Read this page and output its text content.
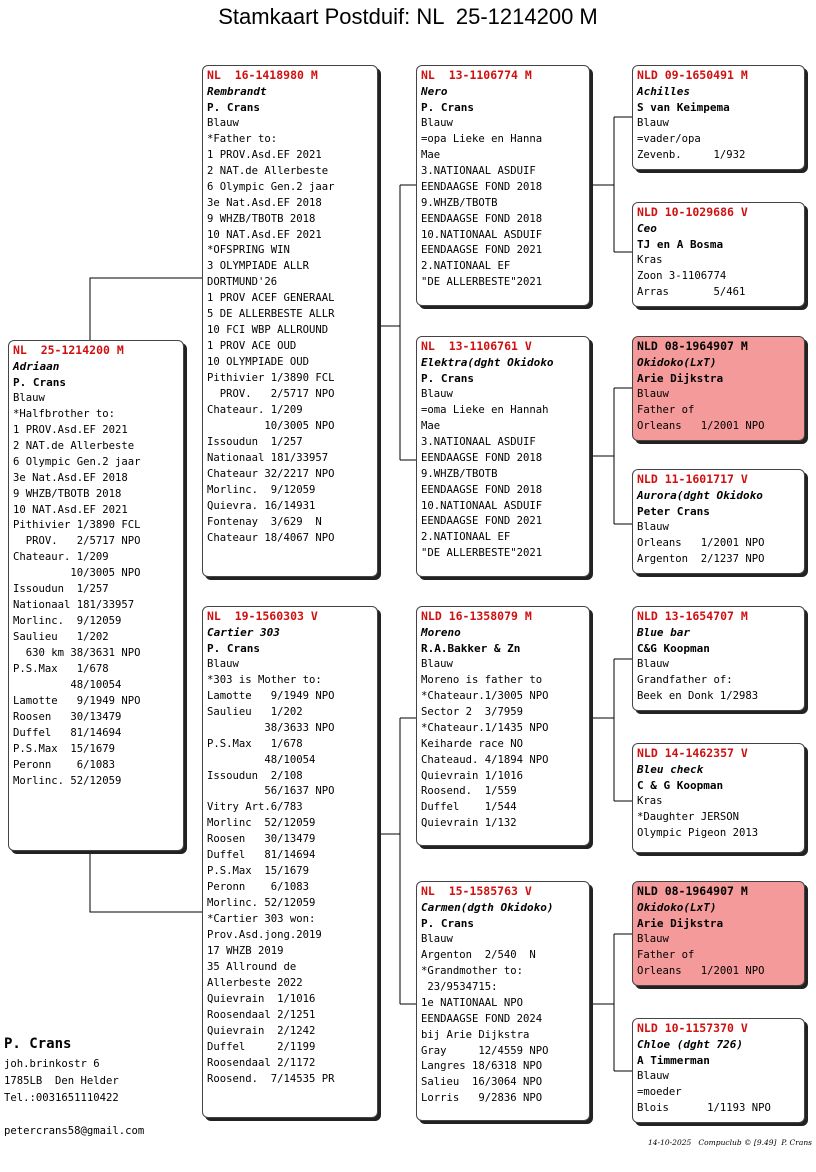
Stamkaart Postduif: NL  25-1214200 M
NL  25-1214200 M
Adriaan
P. Crans
Blauw
*Halfbrother to:
1 PROV.Asd.EF 2021
2 NAT.de Allerbeste
6 Olympic Gen.2 jaar
3e Nat.Asd.EF 2018
9 WHZB/TBOTB 2018
10 NAT.Asd.EF 2021
Pithivier 1/3890 FCL
PROV.   2/5717 NPO
Chateaur. 1/209
10/3005 NPO
Issoudun  1/257
Nationaal 181/33957
Morlinc.  9/12059
Saulieu   1/202
630 km 38/3631 NPO
P.S.Max   1/678
48/10054
Lamotte   9/1949 NPO
Roosen   30/13479
Duffel   81/14694
P.S.Max  15/1679
Peronn    6/1083
Morlinc. 52/12059
NL  16-1418980 M
Rembrandt
P. Crans
Blauw
*Father to:
1 PROV.Asd.EF 2021
2 NAT.de Allerbeste
6 Olympic Gen.2 jaar
3e Nat.Asd.EF 2018
9 WHZB/TBOTB 2018
10 NAT.Asd.EF 2021
*OFSPRING WIN
3 OLYMPIADE ALLR
DORTMUND'26
1 PROV ACEF GENERAAL
5 DE ALLERBESTE ALLR
10 FCI WBP ALLROUND
1 PROV ACE OUD
10 OLYMPIADE OUD
Pithivier 1/3890 FCL
PROV.   2/5717 NPO
Chateaur. 1/209
10/3005 NPO
Issoudun  1/257
Nationaal 181/33957
Chateaur 32/2217 NPO
Morlinc.  9/12059
Quievra. 16/14931
Fontenay  3/629  N
Chateaur 18/4067 NPO
NL  19-1560303 V
Cartier 303
P. Crans
Blauw
*303 is Mother to:
Lamotte   9/1949 NPO
Saulieu   1/202
38/3633 NPO
P.S.Max   1/678
48/10054
Issoudun  2/108
56/1637 NPO
Vitry Art.6/783
Morlinc  52/12059
Roosen   30/13479
Duffel   81/14694
P.S.Max  15/1679
Peronn    6/1083
Morlinc. 52/12059
*Cartier 303 won:
Prov.Asd.jong.2019
17 WHZB 2019
35 Allround de
Allerbeste 2022
Quievrain  1/1016
Roosendaal 2/1251
Quievrain  2/1242
Duffel     2/1199
Roosendaal 2/1172
Roosend.  7/14535 PR
NL  13-1106774 M
Nero
P. Crans
Blauw
=opa Lieke en Hanna
Mae
3.NATIONAAL ASDUIF
EENDAAGSE FOND 2018
9.WHZB/TBOTB
EENDAAGSE FOND 2018
10.NATIONAAL ASDUIF
EENDAAGSE FOND 2021
2.NATIONAAL EF
"DE ALLERBESTE"2021
NL  13-1106761 V
Elektra(dght Okidoko
P. Crans
Blauw
=oma Lieke en Hannah
Mae
3.NATIONAAL ASDUIF
EENDAAGSE FOND 2018
9.WHZB/TBOTB
EENDAAGSE FOND 2018
10.NATIONAAL ASDUIF
EENDAAGSE FOND 2021
2.NATIONAAL EF
"DE ALLERBESTE"2021
NLD 16-1358079 M
Moreno
R.A.Bakker & Zn
Blauw
Moreno is father to
*Chateaur.1/3005 NPO
Sector 2  3/7959
*Chateaur.1/1435 NPO
Keiharde race NO
Chateaud. 4/1894 NPO
Quievrain 1/1016
Roosend.  1/559
Duffel    1/544
Quievrain 1/132
NL  15-1585763 V
Carmen(dgth Okidoko)
P. Crans
Blauw
Argenton  2/540  N
*Grandmother to:
23/9534715:
1e NATIONAAL NPO
EENDAAGSE FOND 2024
bij Arie Dijkstra
Gray     12/4559 NPO
Langres 18/6318 NPO
Salieu  16/3064 NPO
Lorris   9/2836 NPO
NLD 09-1650491 M
Achilles
S van Keimpema
Blauw
=vader/opa
Zevenb.     1/932
NLD 10-1029686 V
Ceo
TJ en A Bosma
Kras
Zoon 3-1106774
Arras       5/461
NLD 08-1964907 M
Okidoko(LxT)
Arie Dijkstra
Blauw
Father of
Orleans   1/2001 NPO
NLD 11-1601717 V
Aurora(dght Okidoko
Peter Crans
Blauw
Orleans   1/2001 NPO
Argenton  2/1237 NPO
NLD 13-1654707 M
Blue bar
C&G Koopman
Blauw
Grandfather of:
Beek en Donk 1/2983
NLD 14-1462357 V
Bleu check
C & G Koopman
Kras
*Daughter JERSON
Olympic Pigeon 2013
NLD 08-1964907 M
Okidoko(LxT)
Arie Dijkstra
Blauw
Father of
Orleans   1/2001 NPO
NLD 10-1157370 V
Chloe (dght 726)
A Timmerman
Blauw
=moeder
Blois      1/1193 NPO
P. Crans
joh.brinkostr 6
1785LB  Den Helder
Tel.:0031651110422
petercrans58@gmail.com
14-10-2025   Compuclub © [9.49]  P. Crans
